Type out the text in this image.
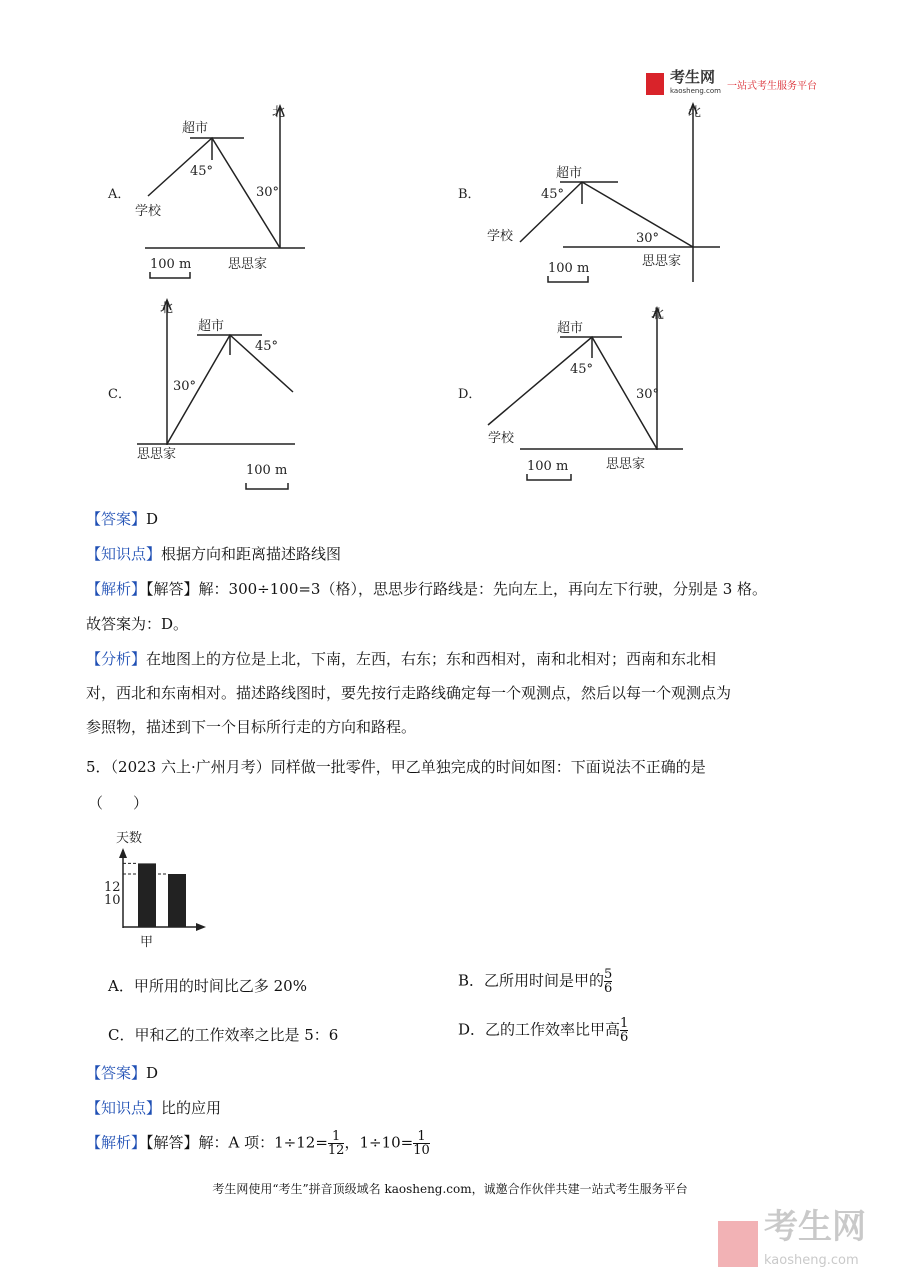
考生网
kaosheng.com 一站式考生服务平台
A．
北
超市
45°
30°
学校
思思家
100 m
B．
北
超市
45°
30°
学校
思思家
100 m
C．
北
超市
45°
30°
思思家
100 m
D．
北
超市
45°
30°
学校
思思家
100 m
【答案】D
【知识点】根据方向和距离描述路线图
【解析】【解答】解：300÷100=3（格），思思步行路线是：先向左上，再向左下行驶，分别是 3 格。
故答案为：D。
【分析】在地图上的方位是上北，下南，左西，右东；东和西相对，南和北相对；西南和东北相
对，西北和东南相对。描述路线图时，要先按行走路线确定每一个观测点，然后以每一个观测点为
参照物，描述到下一个目标所行走的方向和路程。
5．（2023 六上·广州月考）同样做一批零件，甲乙单独完成的时间如图：下面说法不正确的是
（　　）
天数
12
10
甲
A．甲所用的时间比乙多 20%	B．乙所用时间是甲的 $\frac{5}{6}$
C．甲和乙的工作效率之比是 5：6	D．乙的工作效率比甲高 $\frac{1}{6}$
【答案】D
【知识点】比的应用
【解析】【解答】解：A 项：$1\div 12= \frac{1}{12}$ ，$1\div 10= \frac{1}{10}$
考生网使用“考生”拼音顶级域名 kaosheng.com，诚邀合作伙伴共建一站式考生服务平台
考生网
kaosheng.com
